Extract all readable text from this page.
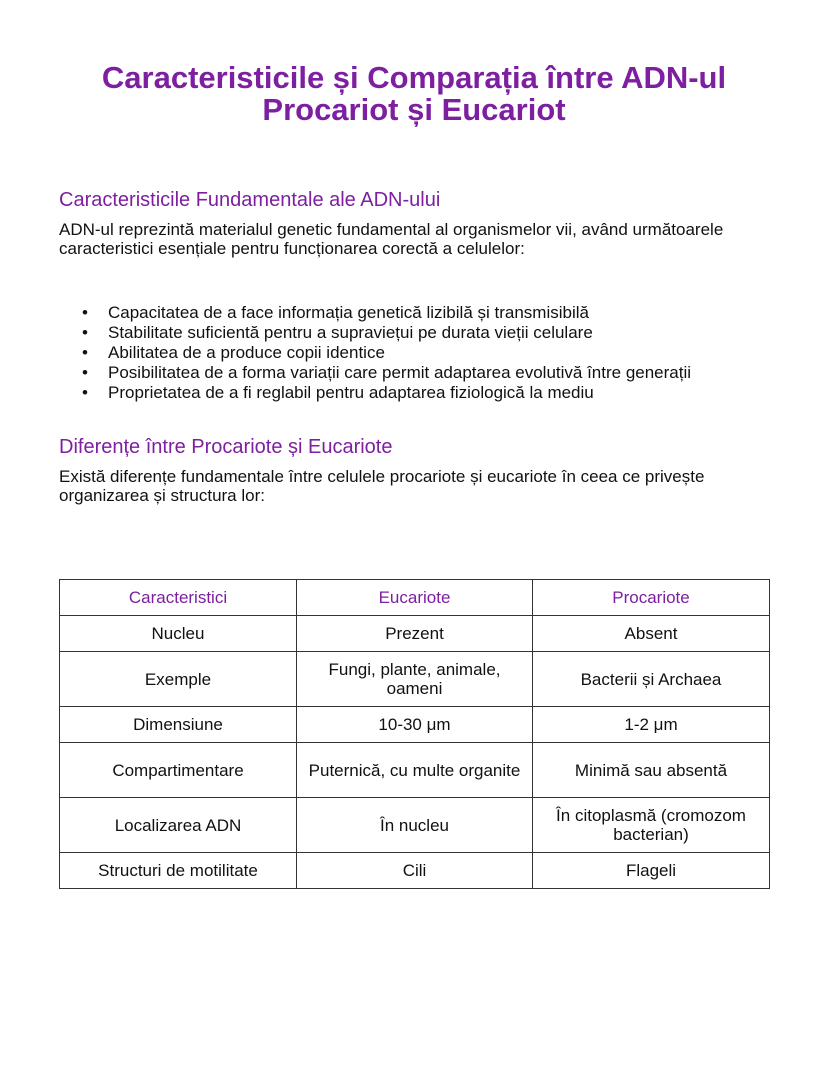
Caracteristicile și Comparația între ADN-ul Procariot și Eucariot
Caracteristicile Fundamentale ale ADN-ului

ADN-ul reprezintă materialul genetic fundamental al organismelor vii, având următoarele caracteristici esențiale pentru funcționarea corectă a celulelor:

• Capacitatea de a face informația genetică lizibilă și transmisibilă
• Stabilitate suficientă pentru a supraviețui pe durata vieții celulare
• Abilitatea de a produce copii identice
• Posibilitatea de a forma variații care permit adaptarea evolutivă între generații
• Proprietatea de a fi reglabil pentru adaptarea fiziologică la mediu
Diferențe între Procariote și Eucariote

Există diferențe fundamentale între celulele procariote și eucariote în ceea ce privește organizarea și structura lor:

Caracteristici	Eucariote	Procariote
Nucleu	Prezent	Absent
Exemple	Fungi, plante, animale, oameni	Bacterii și Archaea
Dimensiune	10-30 μm	1-2 μm
Compartimentare	Puternică, cu multe organite	Minimă sau absentă
Localizarea ADN	În nucleu	În citoplasmă (cromozom bacterian)
Structuri de motilitate	Cili	Flageli
